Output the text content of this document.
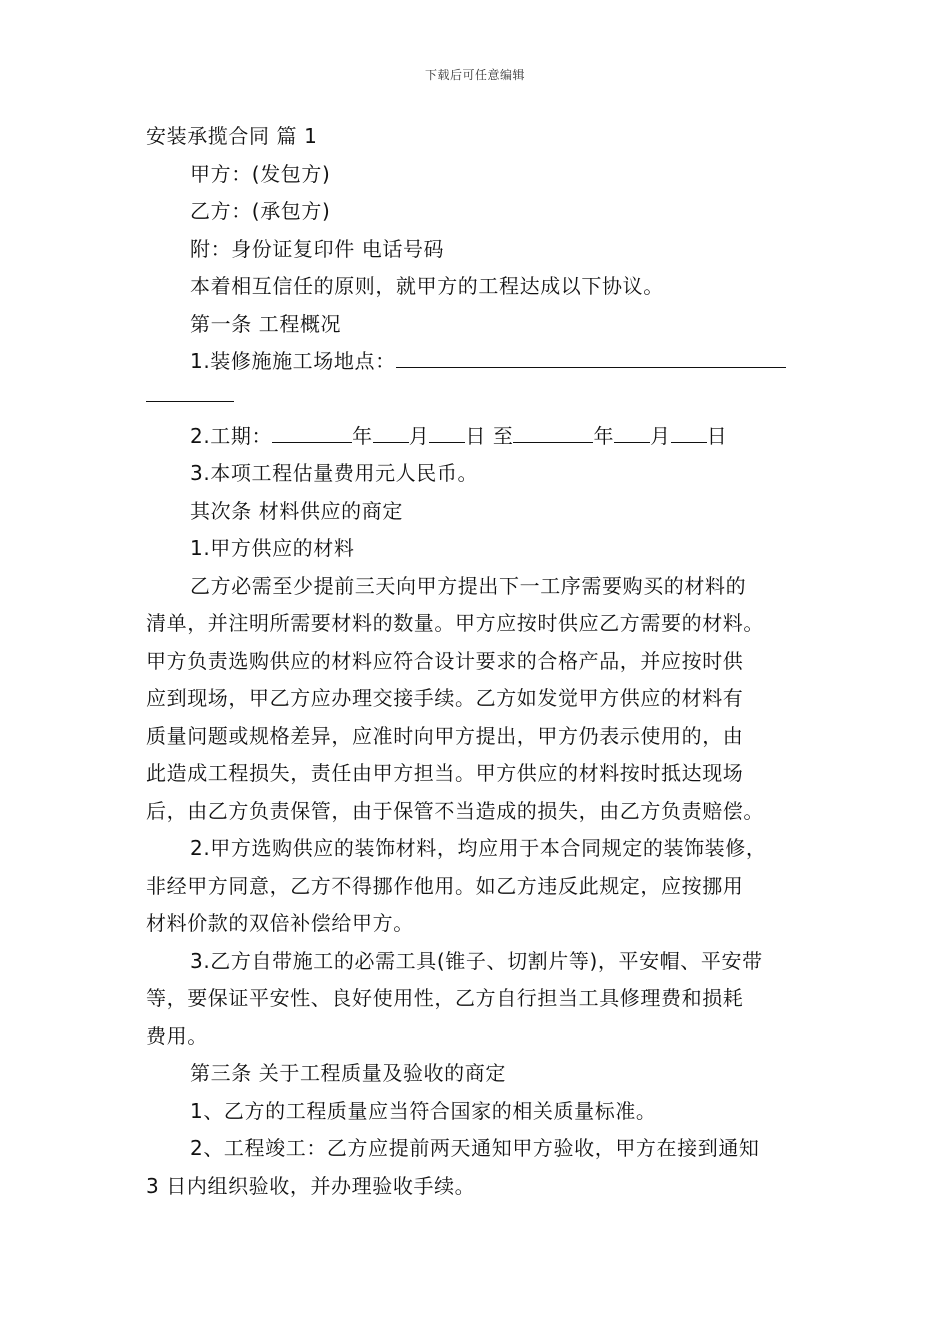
下载后可任意编辑
安装承揽合同 篇 1
甲方：(发包方)
乙方：(承包方)
附：身份证复印件 电话号码
本着相互信任的原则，就甲方的工程达成以下协议。
第一条 工程概况
1.装修施施工场地点：
2.工期：	年 月 日 至	年 月 日
3.本项工程估量费用元人民币。
其次条 材料供应的商定
1.甲方供应的材料
乙方必需至少提前三天向甲方提出下一工序需要购买的材料的
清单，并注明所需要材料的数量。甲方应按时供应乙方需要的材料。
甲方负责选购供应的材料应符合设计要求的合格产品，并应按时供
应到现场，甲乙方应办理交接手续。乙方如发觉甲方供应的材料有
质量问题或规格差异，应准时向甲方提出，甲方仍表示使用的，由
此造成工程损失，责任由甲方担当。甲方供应的材料按时抵达现场
后，由乙方负责保管，由于保管不当造成的损失，由乙方负责赔偿。
2.甲方选购供应的装饰材料，均应用于本合同规定的装饰装修，
非经甲方同意，乙方不得挪作他用。如乙方违反此规定，应按挪用
材料价款的双倍补偿给甲方。
3.乙方自带施工的必需工具(锥子、切割片等)，平安帽、平安带
等，要保证平安性、良好使用性，乙方自行担当工具修理费和损耗
费用。
第三条 关于工程质量及验收的商定
1、乙方的工程质量应当符合国家的相关质量标准。
2、工程竣工：乙方应提前两天通知甲方验收，甲方在接到通知
3 日内组织验收，并办理验收手续。
